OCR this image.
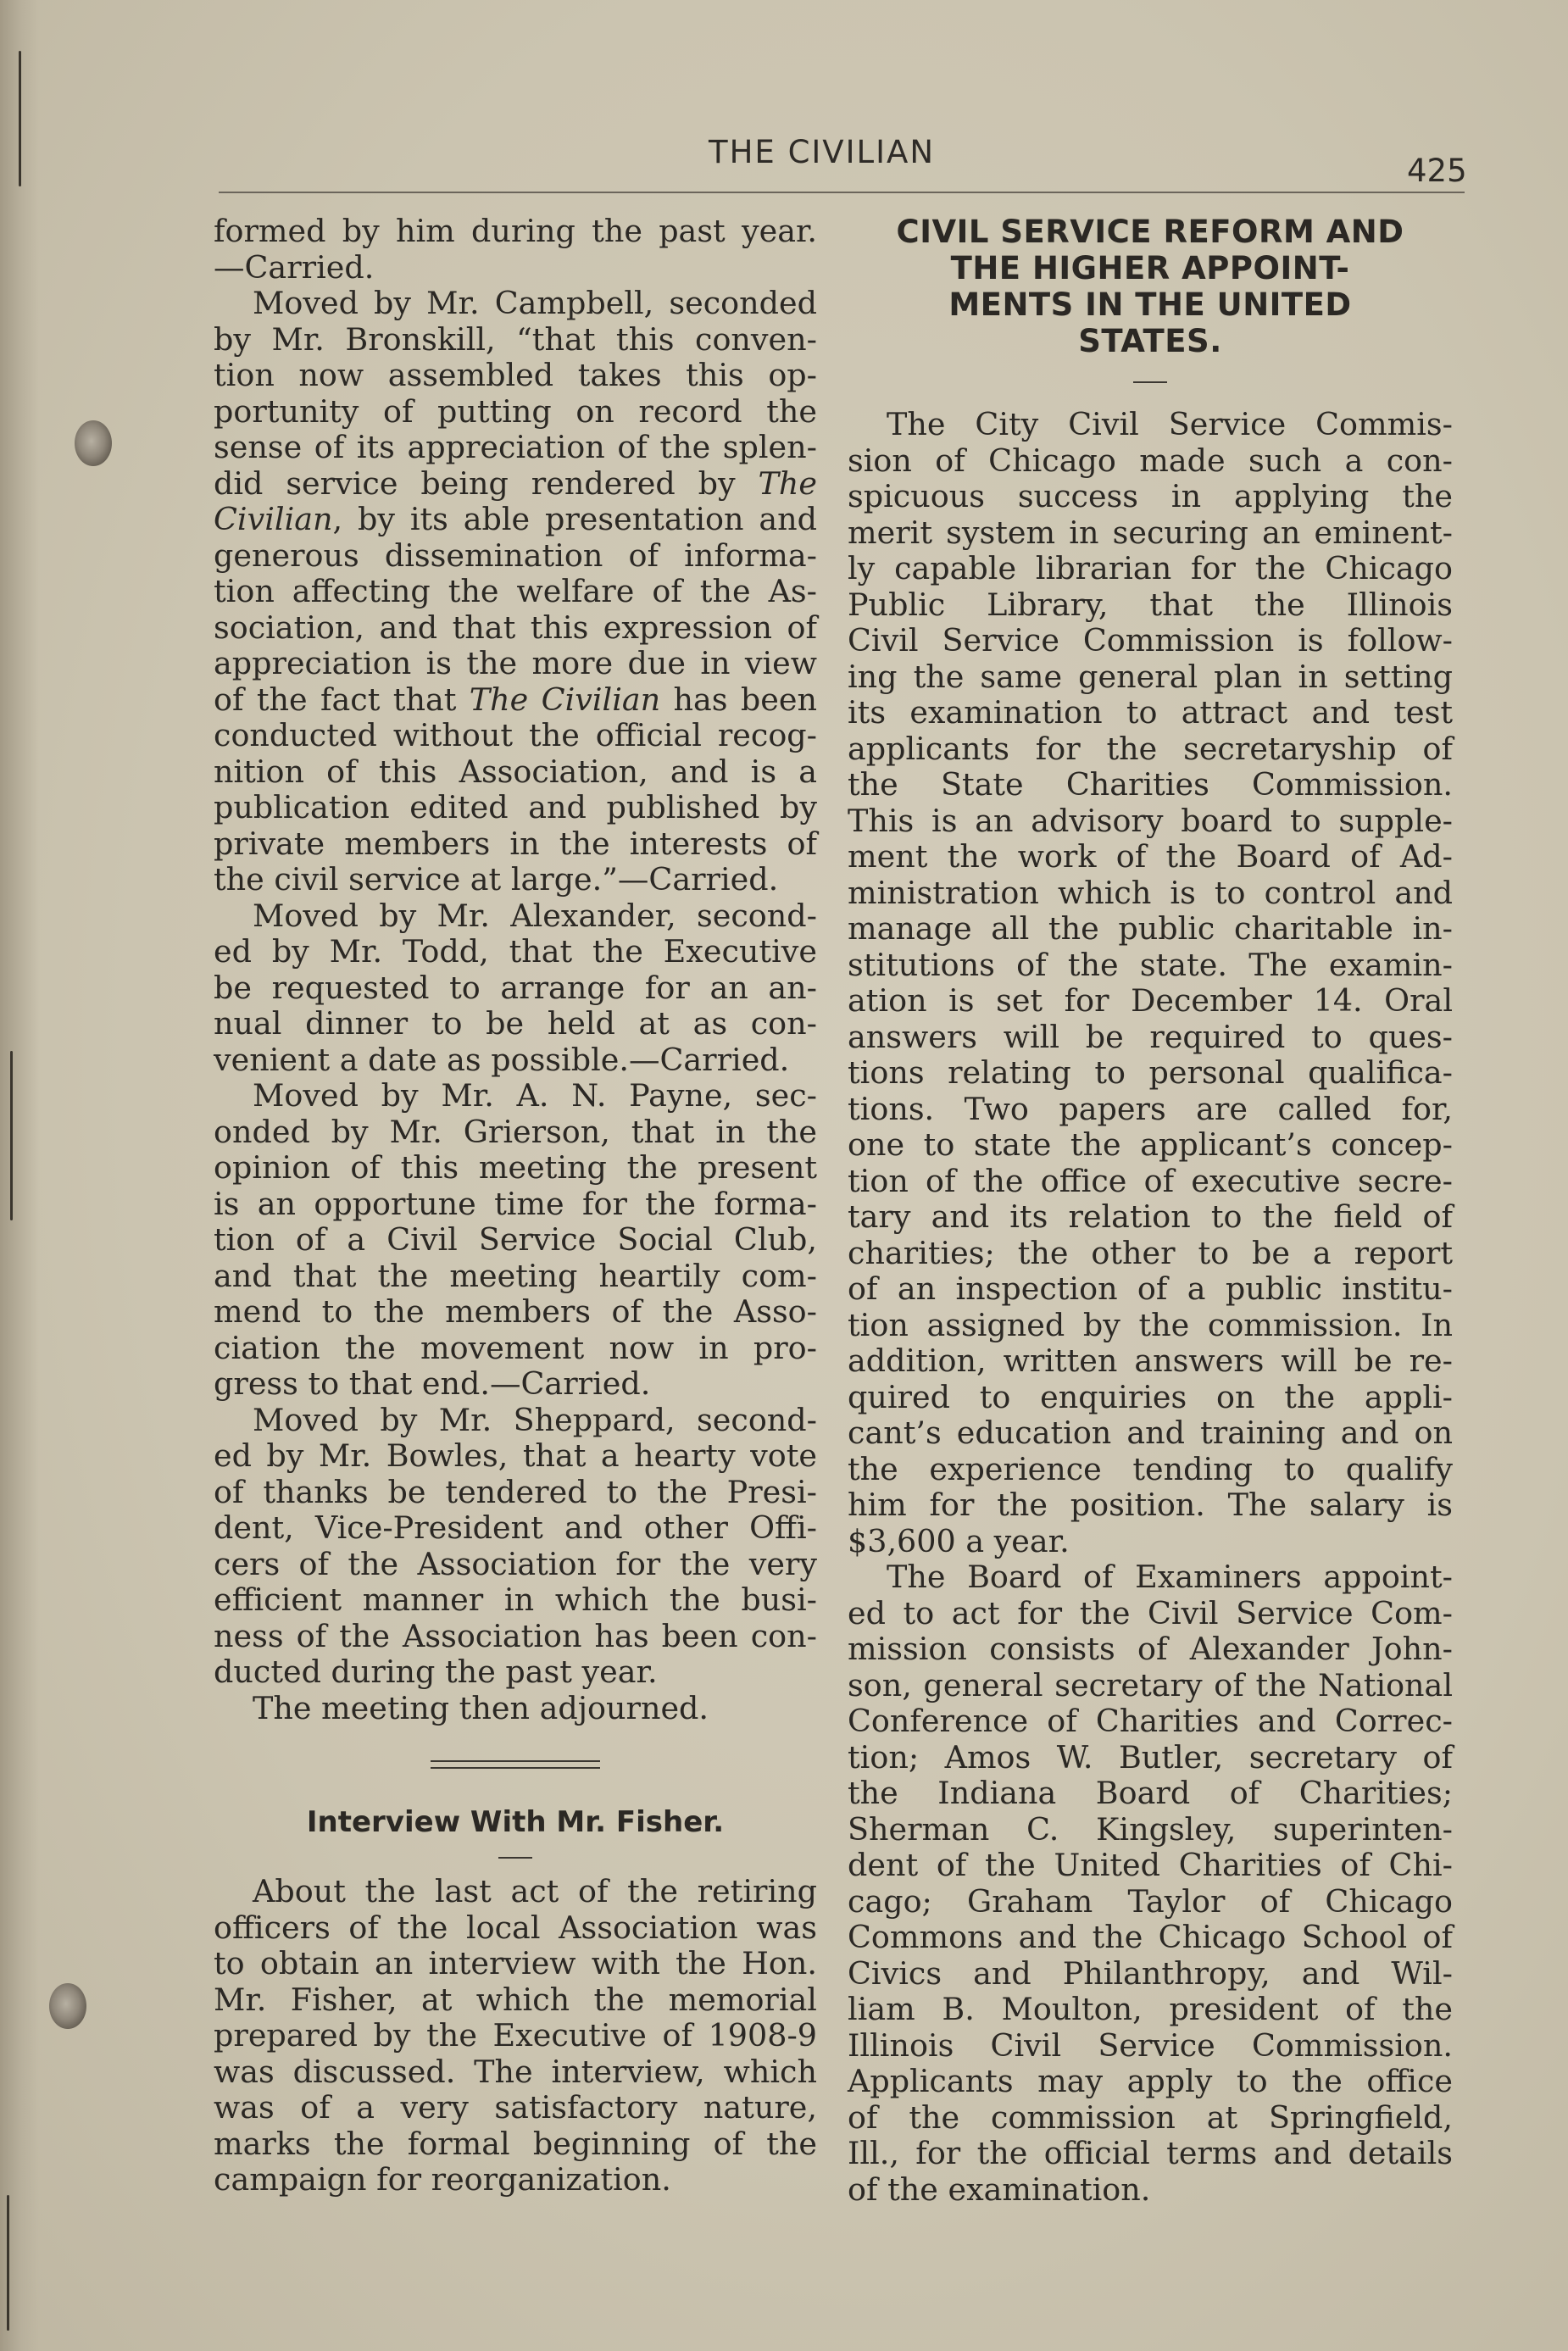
THE CIVILIAN
425
formed by him during the past year.
—Carried.
Moved by Mr. Campbell, seconded
by Mr. Bronskill, “that this conven-
tion now assembled takes this op-
portunity of putting on record the
sense of its appreciation of the splen-
did service being rendered by The
Civilian, by its able presentation and
generous dissemination of informa-
tion affecting the welfare of the As-
sociation, and that this expression of
appreciation is the more due in view
of the fact that The Civilian has been
conducted without the official recog-
nition of this Association, and is a
publication edited and published by
private members in the interests of
the civil service at large.”—Carried.
Moved by Mr. Alexander, second-
ed by Mr. Todd, that the Executive
be requested to arrange for an an-
nual dinner to be held at as con-
venient a date as possible.—Carried.
Moved by Mr. A. N. Payne, sec-
onded by Mr. Grierson, that in the
opinion of this meeting the present
is an opportune time for the forma-
tion of a Civil Service Social Club,
and that the meeting heartily com-
mend to the members of the Asso-
ciation the movement now in pro-
gress to that end.—Carried.
Moved by Mr. Sheppard, second-
ed by Mr. Bowles, that a hearty vote
of thanks be tendered to the Presi-
dent, Vice-President and other Offi-
cers of the Association for the very
efficient manner in which the busi-
ness of the Association has been con-
ducted during the past year.
The meeting then adjourned.
Interview With Mr. Fisher.
About the last act of the retiring
officers of the local Association was
to obtain an interview with the Hon.
Mr. Fisher, at which the memorial
prepared by the Executive of 1908-9
was discussed. The interview, which
was of a very satisfactory nature,
marks the formal beginning of the
campaign for reorganization.
CIVIL SERVICE REFORM AND
THE HIGHER APPOINT-
MENTS IN THE UNITED
STATES.
The City Civil Service Commis-
sion of Chicago made such a con-
spicuous success in applying the
merit system in securing an eminent-
ly capable librarian for the Chicago
Public Library, that the Illinois
Civil Service Commission is follow-
ing the same general plan in setting
its examination to attract and test
applicants for the secretaryship of
the State Charities Commission.
This is an advisory board to supple-
ment the work of the Board of Ad-
ministration which is to control and
manage all the public charitable in-
stitutions of the state. The examin-
ation is set for December 14. Oral
answers will be required to ques-
tions relating to personal qualifica-
tions. Two papers are called for,
one to state the applicant’s concep-
tion of the office of executive secre-
tary and its relation to the field of
charities; the other to be a report
of an inspection of a public institu-
tion assigned by the commission. In
addition, written answers will be re-
quired to enquiries on the appli-
cant’s education and training and on
the experience tending to qualify
him for the position. The salary is
$3,600 a year.
The Board of Examiners appoint-
ed to act for the Civil Service Com-
mission consists of Alexander John-
son, general secretary of the National
Conference of Charities and Correc-
tion; Amos W. Butler, secretary of
the Indiana Board of Charities;
Sherman C. Kingsley, superinten-
dent of the United Charities of Chi-
cago; Graham Taylor of Chicago
Commons and the Chicago School of
Civics and Philanthropy, and Wil-
liam B. Moulton, president of the
Illinois Civil Service Commission.
Applicants may apply to the office
of the commission at Springfield,
Ill., for the official terms and details
of the examination.
